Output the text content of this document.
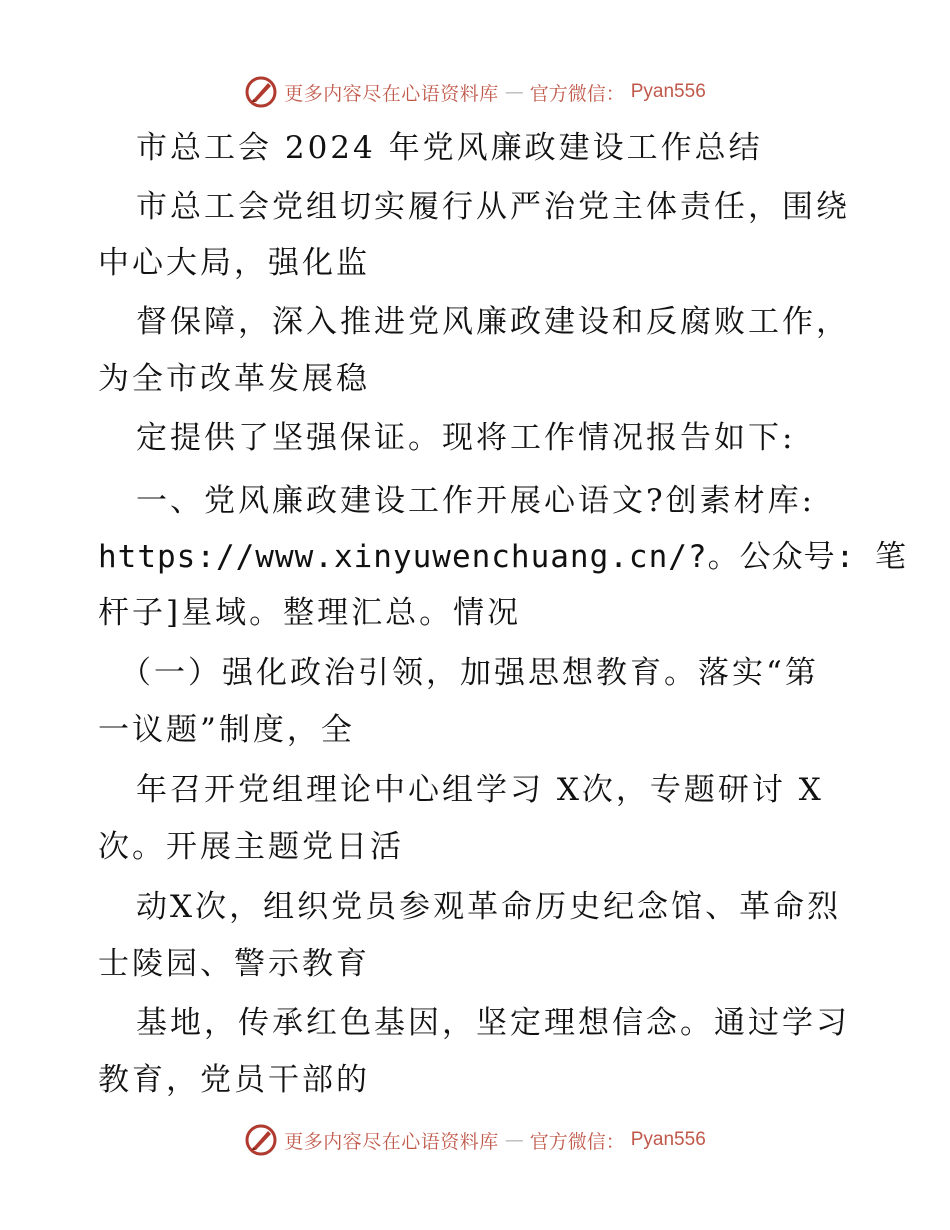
更多内容尽在心语资料库 — 官方微信： Pyan556
市总工会 2024 年党风廉政建设工作总结
市总工会党组切实履行从严治党主体责任，围绕
中心大局，强化监
督保障，深入推进党风廉政建设和反腐败工作，
为全市改革发展稳
定提供了坚强保证。现将工作情况报告如下:
一、党风廉政建设工作开展心语文?创素材库:
https://www.xinyuwenchuang.cn/?。公众号: 笔
杆子]星域。整理汇总。情况
（一）强化政治引领，加强思想教育。落实“第
一议题”制度，全
年召开党组理论中心组学习 X次，专题研讨 X
次。开展主题党日活
动X次，组织党员参观革命历史纪念馆、革命烈
士陵园、警示教育
基地，传承红色基因，坚定理想信念。通过学习
教育，党员干部的
更多内容尽在心语资料库 — 官方微信： Pyan556
